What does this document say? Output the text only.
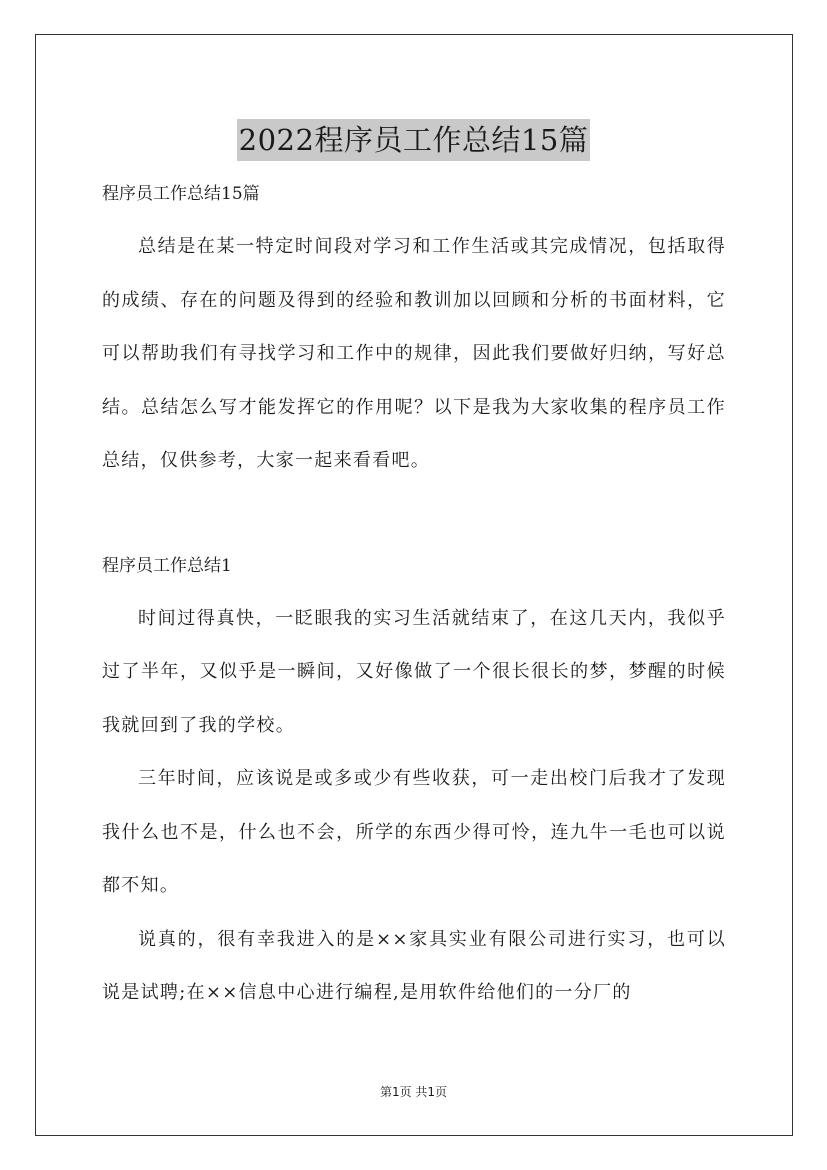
2022程序员工作总结15篇

程序员工作总结15篇

总结是在某一特定时间段对学习和工作生活或其完成情况，包括取得的成绩、存在的问题及得到的经验和教训加以回顾和分析的书面材料，它可以帮助我们有寻找学习和工作中的规律，因此我们要做好归纳，写好总结。总结怎么写才能发挥它的作用呢？以下是我为大家收集的程序员工作总结，仅供参考，大家一起来看看吧。

程序员工作总结1

时间过得真快，一眨眼我的实习生活就结束了，在这几天内，我似乎过了半年，又似乎是一瞬间，又好像做了一个很长很长的梦，梦醒的时候我就回到了我的学校。

三年时间，应该说是或多或少有些收获，可一走出校门后我才了发现我什么也不是，什么也不会，所学的东西少得可怜，连九牛一毛也可以说都不知。

说真的，很有幸我进入的是××家具实业有限公司进行实习，也可以说是试聘;在××信息中心进行编程,是用软件给他们的一分厂的

第1页 共1页
